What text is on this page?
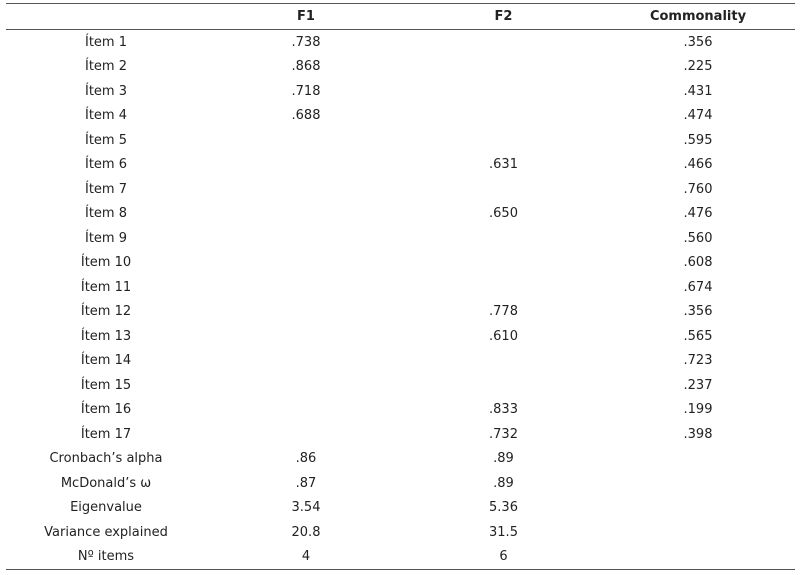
	F1	F2	Commonality
Ítem 1	.738		.356
Ítem 2	.868		.225
Ítem 3	.718		.431
Ítem 4	.688		.474
Ítem 5			.595
Ítem 6		.631	.466
Ítem 7			.760
Ítem 8		.650	.476
Ítem 9			.560
Ítem 10			.608
Ítem 11			.674
Ítem 12		.778	.356
Ítem 13		.610	.565
Ítem 14			.723
Ítem 15			.237
Ítem 16		.833	.199
Ítem 17		.732	.398
Cronbach’s alpha	.86	.89	
McDonald’s ω	.87	.89	
Eigenvalue	3.54	5.36	
Variance explained	20.8	31.5	
Nº items	4	6	
